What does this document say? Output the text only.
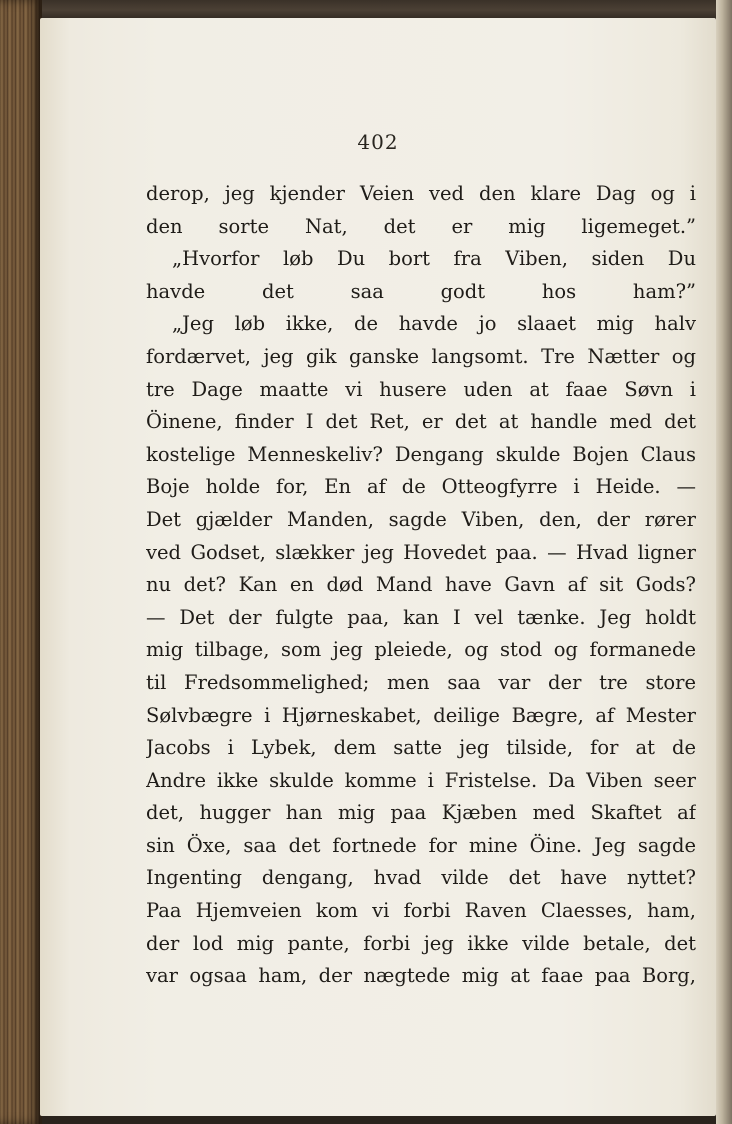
402
derop, jeg kjender Veien ved den klare Dag og i
den sorte Nat, det er mig ligemeget.”
„Hvorfor løb Du bort fra Viben, siden Du
havde det saa godt hos ham?”
„Jeg løb ikke, de havde jo slaaet mig halv
fordærvet, jeg gik ganske langsomt. Tre Nætter og
tre Dage maatte vi husere uden at faae Søvn i
Öinene, finder I det Ret, er det at handle med det
kostelige Menneskeliv? Dengang skulde Bojen Claus
Boje holde for, En af de Otteogfyrre i Heide. —
Det gjælder Manden, sagde Viben, den, der rører
ved Godset, slækker jeg Hovedet paa. — Hvad ligner
nu det? Kan en død Mand have Gavn af sit Gods?
— Det der fulgte paa, kan I vel tænke. Jeg holdt
mig tilbage, som jeg pleiede, og stod og formanede
til Fredsommelighed; men saa var der tre store
Sølvbægre i Hjørneskabet, deilige Bægre, af Mester
Jacobs i Lybek, dem satte jeg tilside, for at de
Andre ikke skulde komme i Fristelse. Da Viben seer
det, hugger han mig paa Kjæben med Skaftet af
sin Öxe, saa det fortnede for mine Öine. Jeg sagde
Ingenting dengang, hvad vilde det have nyttet?
Paa Hjemveien kom vi forbi Raven Claesses, ham,
der lod mig pante, forbi jeg ikke vilde betale, det
var ogsaa ham, der nægtede mig at faae paa Borg,
